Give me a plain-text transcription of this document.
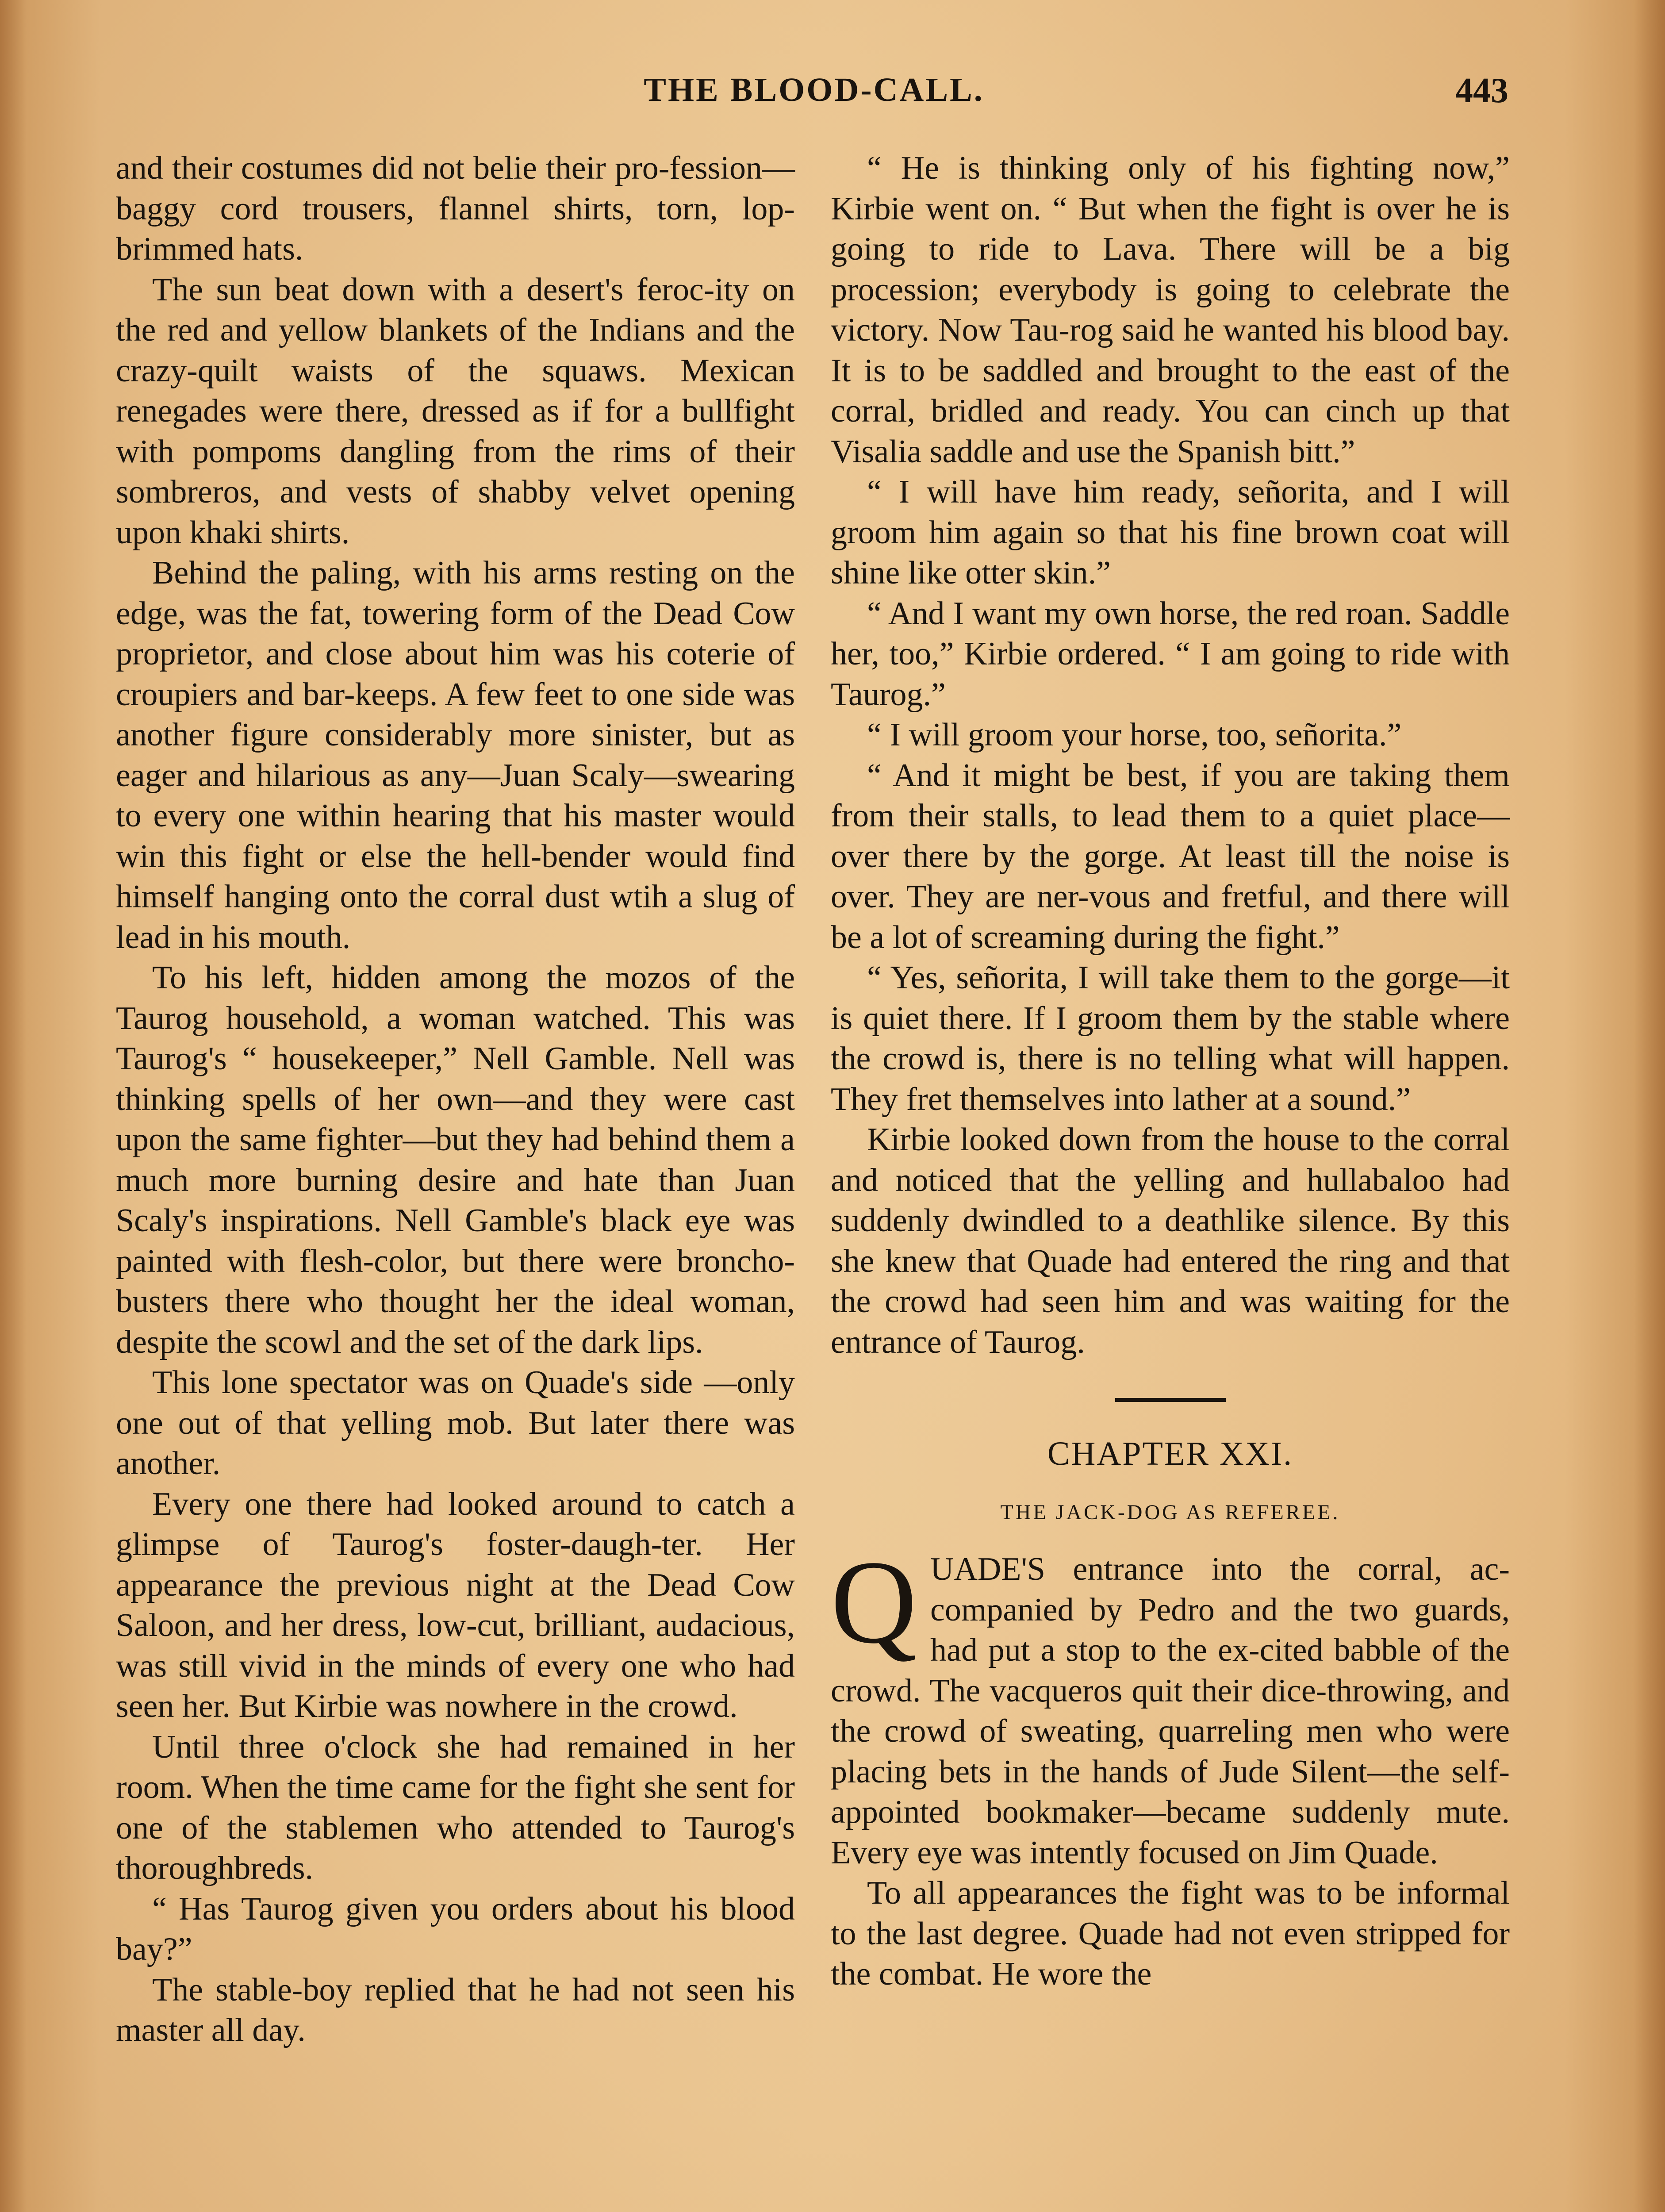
THE BLOOD-CALL.	443

and their costumes did not belie their pro-fession—baggy cord trousers, flannel shirts, torn, lop-brimmed hats.

The sun beat down with a desert's feroc-ity on the red and yellow blankets of the Indians and the crazy-quilt waists of the squaws. Mexican renegades were there, dressed as if for a bullfight with pompoms dangling from the rims of their sombreros, and vests of shabby velvet opening upon khaki shirts.

Behind the paling, with his arms resting on the edge, was the fat, towering form of the Dead Cow proprietor, and close about him was his coterie of croupiers and bar-keeps. A few feet to one side was another figure considerably more sinister, but as eager and hilarious as any—Juan Scaly—swearing to every one within hearing that his master would win this fight or else the hell-bender would find himself hanging onto the corral dust wtih a slug of lead in his mouth.

To his left, hidden among the mozos of the Taurog household, a woman watched. This was Taurog's “ housekeeper,” Nell Gamble. Nell was thinking spells of her own—and they were cast upon the same fighter—but they had behind them a much more burning desire and hate than Juan Scaly's inspirations. Nell Gamble's black eye was painted with flesh-color, but there were broncho-busters there who thought her the ideal woman, despite the scowl and the set of the dark lips.

This lone spectator was on Quade's side —only one out of that yelling mob. But later there was another.

Every one there had looked around to catch a glimpse of Taurog's foster-daugh-ter. Her appearance the previous night at the Dead Cow Saloon, and her dress, low-cut, brilliant, audacious, was still vivid in the minds of every one who had seen her. But Kirbie was nowhere in the crowd.

Until three o'clock she had remained in her room. When the time came for the fight she sent for one of the stablemen who attended to Taurog's thoroughbreds.

“ Has Taurog given you orders about his blood bay?”

The stable-boy replied that he had not seen his master all day.

“ He is thinking only of his fighting now,” Kirbie went on. “ But when the fight is over he is going to ride to Lava. There will be a big procession; everybody is going to celebrate the victory. Now Tau-rog said he wanted his blood bay. It is to be saddled and brought to the east of the corral, bridled and ready. You can cinch up that Visalia saddle and use the Spanish bitt.”

“ I will have him ready, señorita, and I will groom him again so that his fine brown coat will shine like otter skin.”

“ And I want my own horse, the red roan. Saddle her, too,” Kirbie ordered. “ I am going to ride with Taurog.”

“ I will groom your horse, too, señorita.”

“ And it might be best, if you are taking them from their stalls, to lead them to a quiet place—over there by the gorge. At least till the noise is over. They are ner-vous and fretful, and there will be a lot of screaming during the fight.”

“ Yes, señorita, I will take them to the gorge—it is quiet there. If I groom them by the stable where the crowd is, there is no telling what will happen. They fret themselves into lather at a sound.”

Kirbie looked down from the house to the corral and noticed that the yelling and hullabaloo had suddenly dwindled to a deathlike silence. By this she knew that Quade had entered the ring and that the crowd had seen him and was waiting for the entrance of Taurog.

CHAPTER XXI.
THE JACK-DOG AS REFEREE.

QUADE'S entrance into the corral, ac-companied by Pedro and the two guards, had put a stop to the ex-cited babble of the crowd. The vacqueros quit their dice-throwing, and the crowd of sweating, quarreling men who were placing bets in the hands of Jude Silent—the self-appointed bookmaker—became suddenly mute. Every eye was intently focused on Jim Quade.

To all appearances the fight was to be informal to the last degree. Quade had not even stripped for the combat. He wore the
